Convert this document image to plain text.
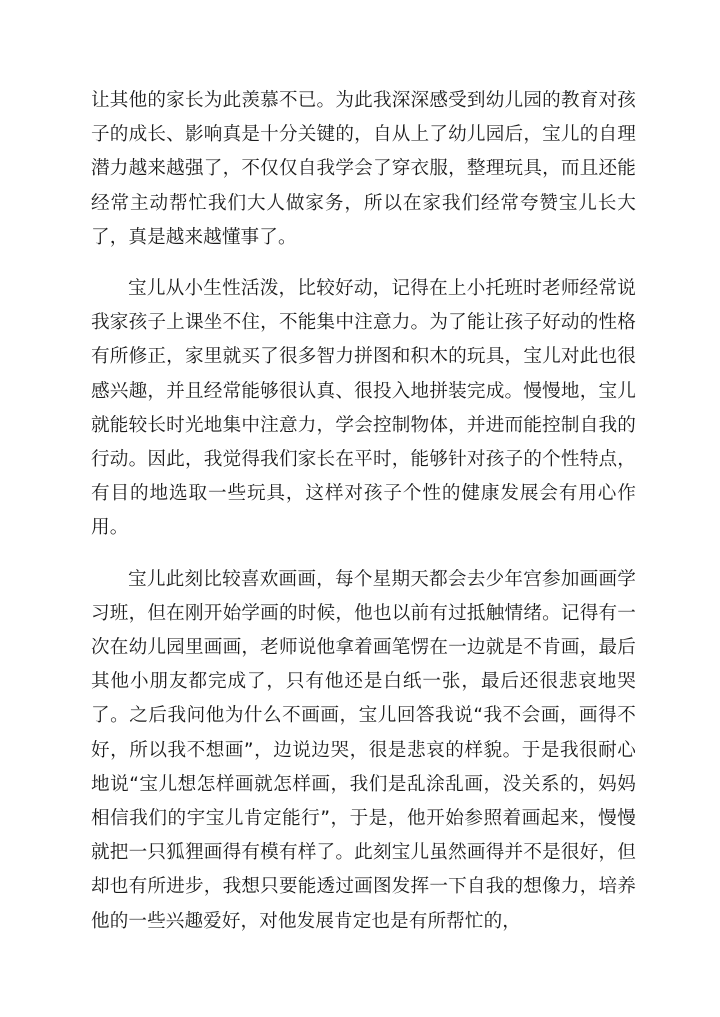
让其他的家长为此羡慕不已。为此我深深感受到幼儿园的教育对孩子的成长、影响真是十分关键的，自从上了幼儿园后，宝儿的自理潜力越来越强了，不仅仅自我学会了穿衣服，整理玩具，而且还能经常主动帮忙我们大人做家务，所以在家我们经常夸赞宝儿长大了，真是越来越懂事了。

宝儿从小生性活泼，比较好动，记得在上小托班时老师经常说我家孩子上课坐不住，不能集中注意力。为了能让孩子好动的性格有所修正，家里就买了很多智力拼图和积木的玩具，宝儿对此也很感兴趣，并且经常能够很认真、很投入地拼装完成。慢慢地，宝儿就能较长时光地集中注意力，学会控制物体，并进而能控制自我的行动。因此，我觉得我们家长在平时，能够针对孩子的个性特点，有目的地选取一些玩具，这样对孩子个性的健康发展会有用心作用。

宝儿此刻比较喜欢画画，每个星期天都会去少年宫参加画画学习班，但在刚开始学画的时候，他也以前有过抵触情绪。记得有一次在幼儿园里画画，老师说他拿着画笔愣在一边就是不肯画，最后其他小朋友都完成了，只有他还是白纸一张，最后还很悲哀地哭了。之后我问他为什么不画画，宝儿回答我说“我不会画，画得不好，所以我不想画”，边说边哭，很是悲哀的样貌。于是我很耐心地说“宝儿想怎样画就怎样画，我们是乱涂乱画，没关系的，妈妈相信我们的宇宝儿肯定能行”，于是，他开始参照着画起来，慢慢就把一只狐狸画得有模有样了。此刻宝儿虽然画得并不是很好，但却也有所进步，我想只要能透过画图发挥一下自我的想像力，培养他的一些兴趣爱好，对他发展肯定也是有所帮忙的，
